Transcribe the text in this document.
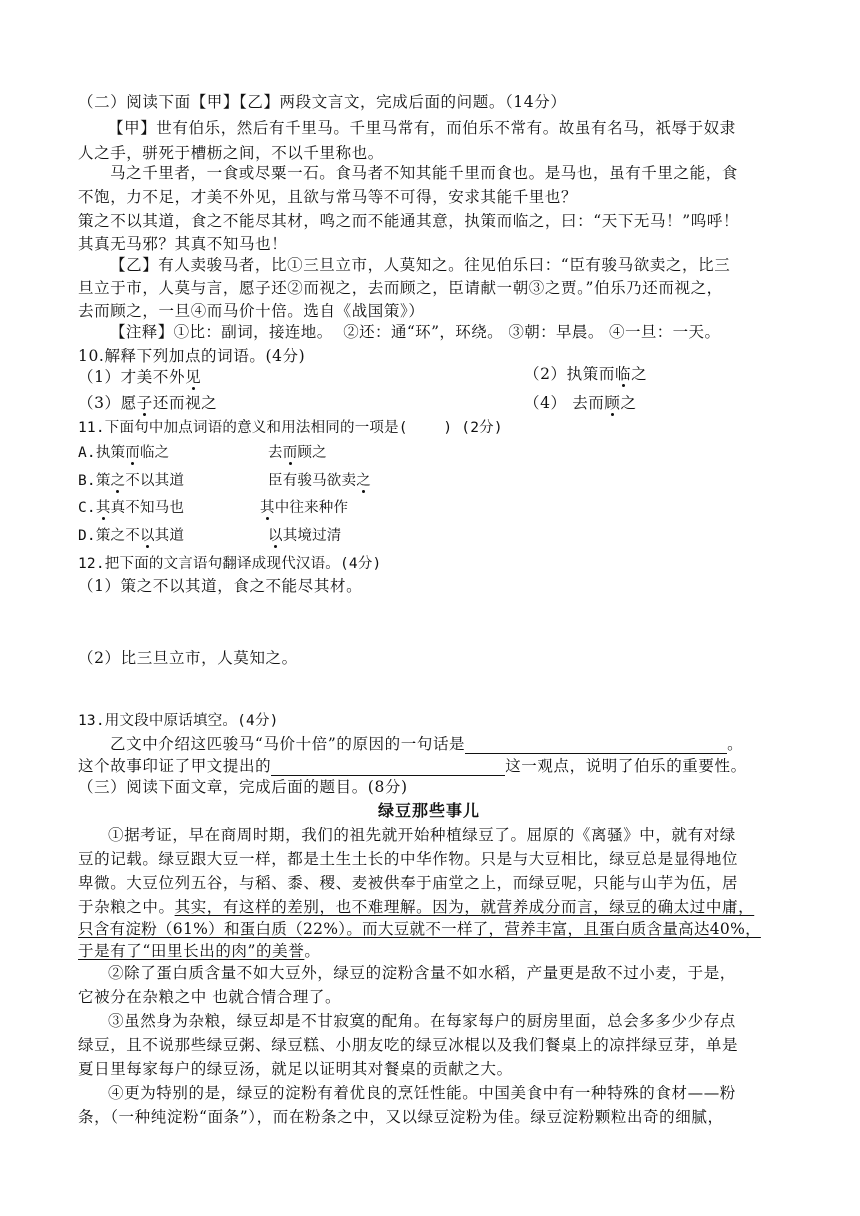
（二）阅读下面【甲】【乙】两段文言文，完成后面的问题。（14分）
【甲】世有伯乐，然后有千里马。千里马常有，而伯乐不常有。故虽有名马，祇辱于奴隶
人之手，骈死于槽枥之间，不以千里称也。
马之千里者，一食或尽粟一石。食马者不知其能千里而食也。是马也，虽有千里之能，食
不饱，力不足，才美不外见，且欲与常马等不可得，安求其能千里也？
策之不以其道，食之不能尽其材，鸣之而不能通其意，执策而临之，曰：“天下无马！”呜呼！
其真无马邪？其真不知马也！
【乙】有人卖骏马者，比①三旦立市，人莫知之。往见伯乐曰：“臣有骏马欲卖之，比三
旦立于市，人莫与言，愿子还②而视之，去而顾之，臣请献一朝③之贾。”伯乐乃还而视之，
去而顾之，一旦④而马价十倍。选自《战国策》）
【注释】①比：副词，接连地。  ②还：通“环”，环绕。 ③朝：早晨。 ④一旦：一天。
10.解释下列加点的词语。(4分)
（1）才美不外见	（2）执策而临之
（3）愿子还而视之	（4） 去而顾之
11.下面句中加点词语的意义和用法相同的一项是(    ) (2分)
A.执策而临之	去而顾之
B.策之不以其道	臣有骏马欲卖之
C.其真不知马也	其中往来种作
D.策之不以其道	以其境过清
12.把下面的文言语句翻译成现代汉语。(4分)
（1）策之不以其道，食之不能尽其材。
（2）比三旦立市，人莫知之。
13.用文段中原话填空。(4分)
乙文中介绍这匹骏马“马价十倍”的原因的一句话是	。
这个故事印证了甲文提出的	这一观点，说明了伯乐的重要性。
（三）阅读下面文章，完成后面的题目。(8分)
绿豆那些事儿
①据考证，早在商周时期，我们的祖先就开始种植绿豆了。屈原的《离骚》中，就有对绿
豆的记载。绿豆跟大豆一样，都是土生土长的中华作物。只是与大豆相比，绿豆总是显得地位
卑微。大豆位列五谷，与稻、黍、稷、麦被供奉于庙堂之上，而绿豆呢，只能与山芋为伍，居
于杂粮之中。其实，有这样的差别，也不难理解。因为，就营养成分而言，绿豆的确太过中庸，
只含有淀粉（61%）和蛋白质（22%）。而大豆就不一样了，营养丰富，且蛋白质含量高达40%，
于是有了“田里长出的肉”的美誉。
②除了蛋白质含量不如大豆外，绿豆的淀粉含量不如水稻，产量更是敌不过小麦，于是，
它被分在杂粮之中 也就合情合理了。
③虽然身为杂粮，绿豆却是不甘寂寞的配角。在每家每户的厨房里面，总会多多少少存点
绿豆，且不说那些绿豆粥、绿豆糕、小朋友吃的绿豆冰棍以及我们餐桌上的凉拌绿豆芽，单是
夏日里每家每户的绿豆汤，就足以证明其对餐桌的贡献之大。
④更为特别的是，绿豆的淀粉有着优良的烹饪性能。中国美食中有一种特殊的食材——粉
条，（一种纯淀粉“面条”），而在粉条之中，又以绿豆淀粉为佳。绿豆淀粉颗粒出奇的细腻，
